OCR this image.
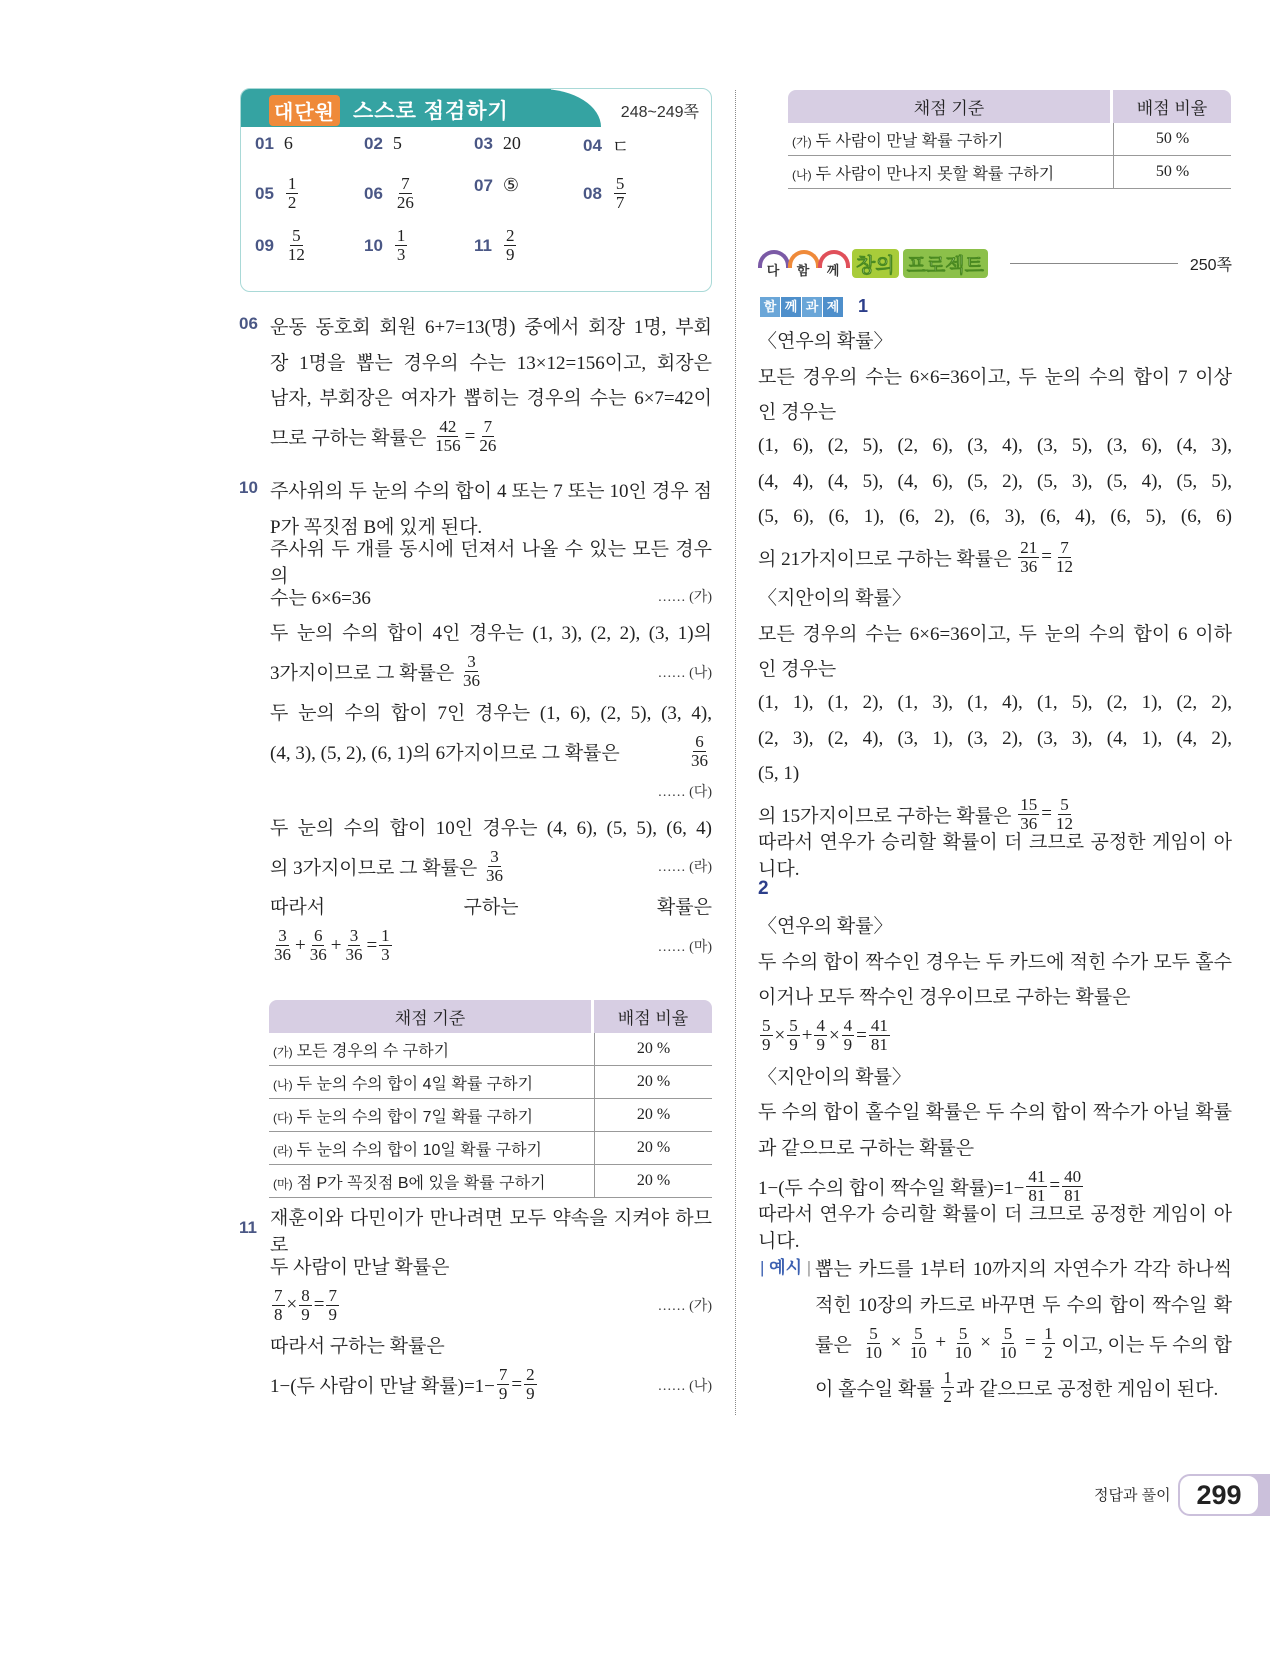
대단원 스스로 점검하기	248~249쪽
01 6	02 5	03 20	04 ㄷ
$05 \frac{1}{2}$	$06 \frac{7}{26}$	07 ⑤	$08 \frac{5}{7}$
$09 \frac{5}{12}$	$10 \frac{1}{3}$	$11 \frac{2}{9}$
06 운동 동호회 회원 6+7=13(명) 중에서 회장 1명, 부회
장 1명을 뽑는 경우의 수는 13×12=156이고, 회장은
남자, 부회장은 여자가 뽑히는 경우의 수는 6×7=42이
므로 구하는 확률은 $\frac{42}{156} = \frac{7}{26}$
10 주사위의 두 눈의 수의 합이 4 또는 7 또는 10인 경우 점
P가 꼭짓점 B에 있게 된다.
주사위 두 개를 동시에 던져서 나올 수 있는 모든 경우의
수는 6×6=36	…… (가)
두 눈의 수의 합이 4인 경우는 (1, 3), (2, 2), (3, 1)의
3가지이므로 그 확률은 $\frac{3}{36}$	…… (나)
두 눈의 수의 합이 7인 경우는 (1, 6), (2, 5), (3, 4),
(4, 3), (5, 2), (6, 1)의 6가지이므로 그 확률은	$\frac{6}{36}$
…… (다)
두 눈의 수의 합이 10인 경우는 (4, 6), (5, 5), (6, 4)
의 3가지이므로 그 확률은 $\frac{3}{36}$	…… (라)
따라서 구하는 확률은
$\frac{3}{36} + \frac{6}{36} + \frac{3}{36} = \frac{1}{3}$	…… (마)
채점 기준	배점 비율
(가) 모든 경우의 수 구하기	20 %
(나) 두 눈의 수의 합이 4일 확률 구하기	20 %
(다) 두 눈의 수의 합이 7일 확률 구하기	20 %
(라) 두 눈의 수의 합이 10일 확률 구하기	20 %
(마) 점 P가 꼭짓점 B에 있을 확률 구하기	20 %
11 재훈이와 다민이가 만나려면 모두 약속을 지켜야 하므로
두 사람이 만날 확률은
$\frac{7}{8} \times \frac{8}{9} = \frac{7}{9}$	…… (가)
따라서 구하는 확률은
1−(두 사람이 만날 확률)$=1- \frac{7}{9} = \frac{2}{9}$	…… (나)
채점 기준	배점 비율
(가) 두 사람이 만날 확률 구하기	50 %
(나) 두 사람이 만나지 못할 확률 구하기	50 %
$_다$	$_함$	$_께$ 창의 프로젝트	250쪽
함 께 과 제 1
〈연우의 확률〉
모든 경우의 수는 6×6=36이고, 두 눈의 수의 합이 7 이상
인 경우는
(1, 6), (2, 5), (2, 6), (3, 4), (3, 5), (3, 6), (4, 3),
(4, 4), (4, 5), (4, 6), (5, 2), (5, 3), (5, 4), (5, 5),
(5, 6), (6, 1), (6, 2), (6, 3), (6, 4), (6, 5), (6, 6)
의 21가지이므로 구하는 확률은 $\frac{21}{36} = \frac{7}{12}$
〈지안이의 확률〉
모든 경우의 수는 6×6=36이고, 두 눈의 수의 합이 6 이하
인 경우는
(1, 1), (1, 2), (1, 3), (1, 4), (1, 5), (2, 1), (2, 2),
(2, 3), (2, 4), (3, 1), (3, 2), (3, 3), (4, 1), (4, 2),
(5, 1)
의 15가지이므로 구하는 확률은 $\frac{15}{36} = \frac{5}{12}$
따라서 연우가 승리할 확률이 더 크므로 공정한 게임이 아니다.
2
〈연우의 확률〉
두 수의 합이 짝수인 경우는 두 카드에 적힌 수가 모두 홀수
이거나 모두 짝수인 경우이므로 구하는 확률은
$\frac{5}{9} \times \frac{5}{9} + \frac{4}{9} \times \frac{4}{9} = \frac{41}{81}$
〈지안이의 확률〉
두 수의 합이 홀수일 확률은 두 수의 합이 짝수가 아닐 확률
과 같으므로 구하는 확률은
1−(두 수의 합이 짝수일 확률)$=1- \frac{41}{81} = \frac{40}{81}$
따라서 연우가 승리할 확률이 더 크므로 공정한 게임이 아니다.
| 예시 | 뽑는 카드를 1부터 10까지의 자연수가 각각 하나씩
적힌 10장의 카드로 바꾸면 두 수의 합이 짝수일 확
률은 $\frac{5}{10} \times \frac{5}{10} + \frac{5}{10} \times \frac{5}{10} = \frac{1}{2}$ 이고, 이는 두 수의 합
이 홀수일 확률 $\frac{1}{2}$ 과 같으므로 공정한 게임이 된다.
정답과 풀이 299
